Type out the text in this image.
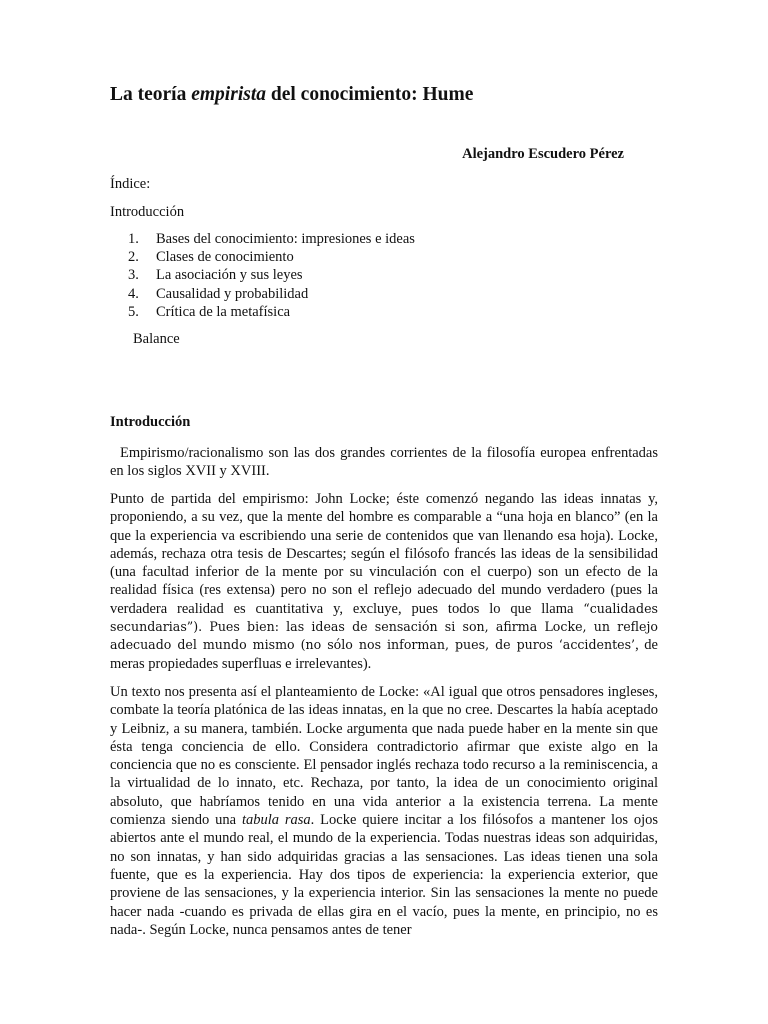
La teoría empirista del conocimiento: Hume
Alejandro Escudero Pérez
Índice:
Introducción
1. Bases del conocimiento: impresiones e ideas
2. Clases de conocimiento
3. La asociación y sus leyes
4. Causalidad y probabilidad
5. Crítica de la metafísica
Balance
Introducción

Empirismo/racionalismo son las dos grandes corrientes de la filosofía europea enfrentadas en los siglos XVII y XVIII.

Punto de partida del empirismo: John Locke; éste comenzó negando las ideas innatas y, proponiendo, a su vez, que la mente del hombre es comparable a “una hoja en blanco” (en la que la experiencia va escribiendo una serie de contenidos que van llenando esa hoja). Locke, además, rechaza otra tesis de Descartes; según el filósofo francés las ideas de la sensibilidad (una facultad inferior de la mente por su vinculación con el cuerpo) son un efecto de la realidad física (res extensa) pero no son el reflejo adecuado del mundo verdadero (pues la verdadera realidad es cuantitativa y, excluye, pues todos lo que llama “cualidades secundarias”). Pues bien: las ideas de sensación si son, afirma Locke, un reflejo adecuado del mundo mismo (no sólo nos informan, pues, de puros ‘accidentes’, de meras propiedades superfluas e irrelevantes).

Un texto nos presenta así el planteamiento de Locke: «Al igual que otros pensadores ingleses, combate la teoría platónica de las ideas innatas, en la que no cree. Descartes la había aceptado y Leibniz, a su manera, también. Locke argumenta que nada puede haber en la mente sin que ésta tenga conciencia de ello. Considera contradictorio afirmar que existe algo en la conciencia que no es consciente. El pensador inglés rechaza todo recurso a la reminiscencia, a la virtualidad de lo innato, etc. Rechaza, por tanto, la idea de un conocimiento original absoluto, que habríamos tenido en una vida anterior a la existencia terrena. La mente comienza siendo una tabula rasa. Locke quiere incitar a los filósofos a mantener los ojos abiertos ante el mundo real, el mundo de la experiencia. Todas nuestras ideas son adquiridas, no son innatas, y han sido adquiridas gracias a las sensaciones. Las ideas tienen una sola fuente, que es la experiencia. Hay dos tipos de experiencia: la experiencia exterior, que proviene de las sensaciones, y la experiencia interior. Sin las sensaciones la mente no puede hacer nada -cuando es privada de ellas gira en el vacío, pues la mente, en principio, no es nada-. Según Locke, nunca pensamos antes de tener
